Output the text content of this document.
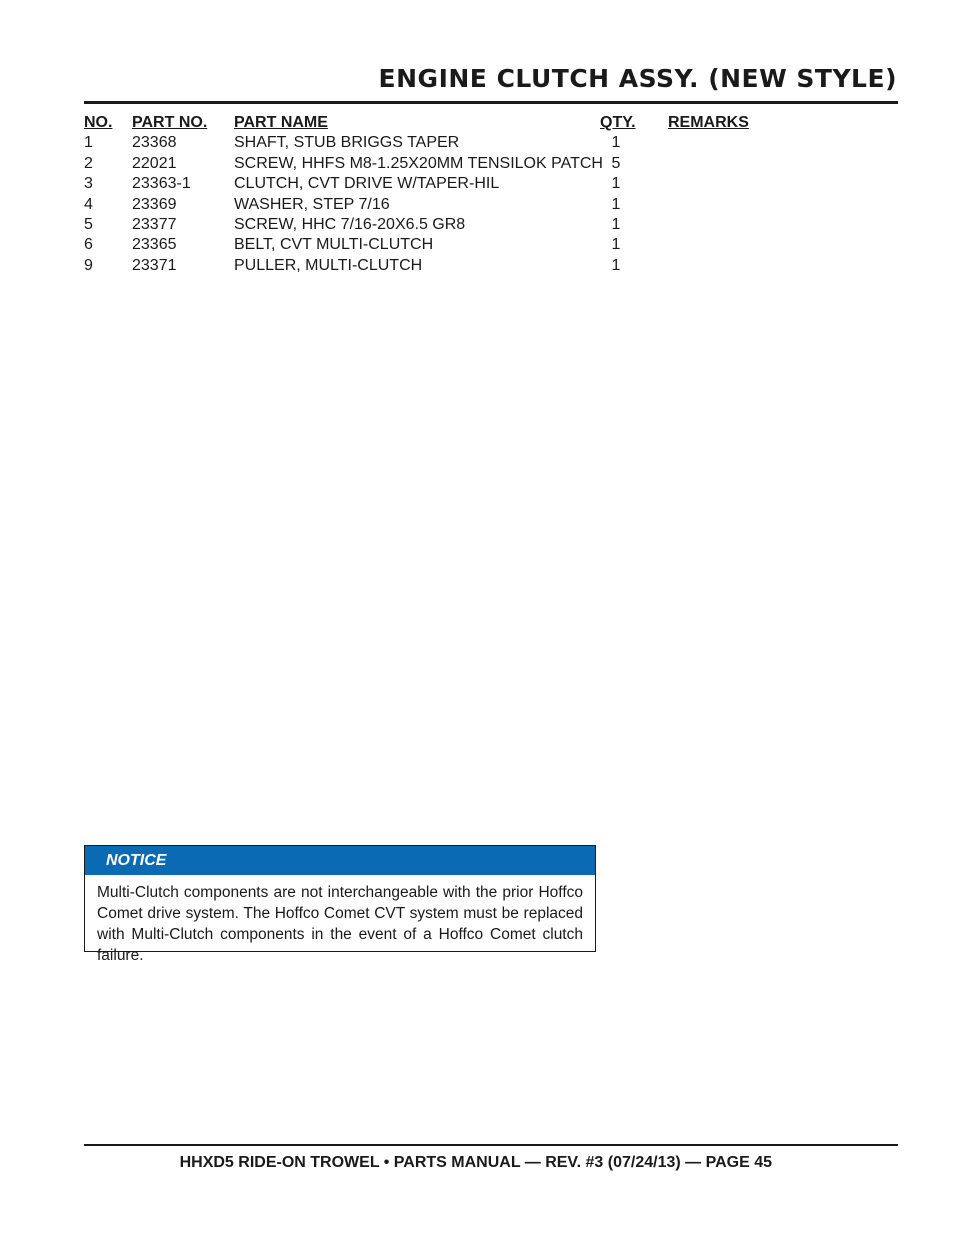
ENGINE CLUTCH ASSY. (NEW STYLE)
NO. PART NO. PART NAME	QTY. REMARKS
1 23368	SHAFT, STUB BRIGGS TAPER	1
2 22021	SCREW, HHFS M8-1.25X20MM TENSILOK PATCH 5
3 23363-1	CLUTCH, CVT DRIVE W/TAPER-HIL	1
4 23369	WASHER, STEP 7/16	1
5 23377	SCREW, HHC 7/16-20X6.5 GR8	1
6 23365	BELT, CVT MULTI-CLUTCH	1
9 23371	PULLER, MULTI-CLUTCH	1
NOTICE
Multi-Clutch components are not interchangeable with the prior Hoffco Comet drive system. The Hoffco Comet CVT system must be replaced with Multi-Clutch components in the event of a Hoffco Comet clutch failure.
HHXD5 RIDE-ON TROWEL • PARTS MANUAL — REV. #3 (07/24/13) — PAGE 45
